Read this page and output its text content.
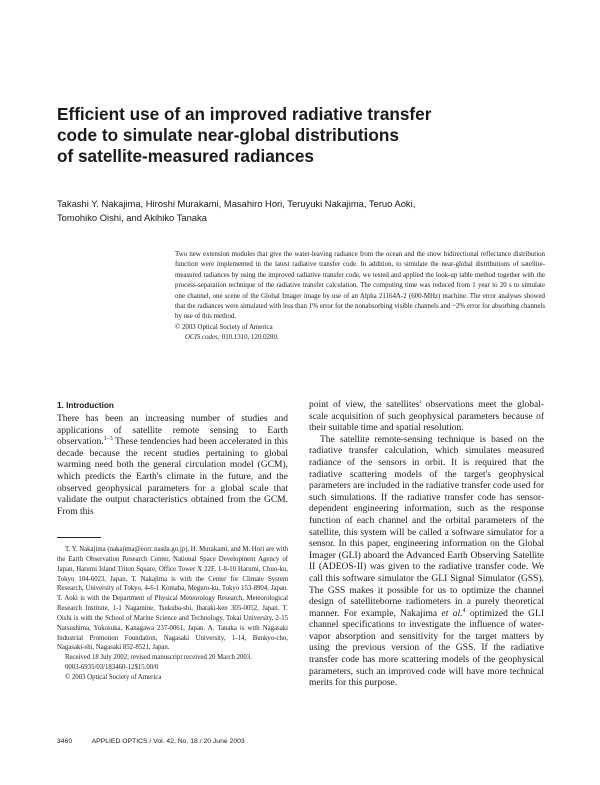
Efficient use of an improved radiative transfer
code to simulate near-global distributions
of satellite-measured radiances
Takashi Y. Nakajima, Hiroshi Murakami, Masahiro Hori, Teruyuki Nakajima, Teruo Aoki,
Tomohiko Oishi, and Akihiko Tanaka

Two new extension modules that give the water-leaving radiance from the ocean and the snow bidirectional reflectance distribution function were implemented in the latest radiative transfer code. In addition, to simulate the near-global distributions of satellite-measured radiances by using the improved radiative transfer code, we tested and applied the look-up table method together with the process-separation technique of the radiative transfer calculation. The computing time was reduced from 1 year to 20 s to simulate one channel, one scene of the Global Imager image by use of an Alpha 21164A-2 (600-MHz) machine. The error analyses showed that the radiances were simulated with less than 1% error for the nonabsorbing visible channels and ~2% error for absorbing channels by use of this method.

© 2003 Optical Society of America

OCIS codes: 010.1310, 120.0280.

1. Introduction

There has been an increasing number of studies and applications of satellite remote sensing to Earth observation.$^{1-3}$ These tendencies had been accelerated in this decade because the recent studies pertaining to global warming need both the general circulation model (GCM), which predicts the Earth's climate in the future, and the observed geophysical parameters for a global scale that validate the output characteristics obtained from the GCM. From this

T. Y. Nakajima (nakajima@eorc.nasda.go.jp), H. Murakami, and M. Hori are with the Earth Observation Research Center, National Space Development Agency of Japan, Harumi Island Triton Square, Office Tower X 22F, 1-8-10 Harumi, Chuo-ku, Tokyo 104-6023, Japan. T. Nakajima is with the Center for Climate System Research, University of Tokyo, 4-6-1 Komaba, Meguro-ku, Tokyo 153-8904, Japan. T. Aoki is with the Department of Physical Meteorology Research, Meteorological Research Institute, 1-1 Nagamine, Tsukuba-shi, Ibaraki-ken 305-0052, Japan. T. Oishi is with the School of Marine Science and Technology, Tokai University, 2-15 Natsushima, Yokosuka, Kanagawa 237-0061, Japan. A. Tanaka is with Nagasaki Industrial Promotion Foundation, Nagasaki University, 1-14, Bunkyo-cho, Nagasaki-shi, Nagasaki 852-8521, Japan.

Received 18 July 2002; revised manuscript received 20 March 2003.

0003-6935/03/183460-12$15.00/0

© 2003 Optical Society of America

point of view, the satellites' observations meet the global-scale acquisition of such geophysical parameters because of their suitable time and spatial resolution.

The satellite remote-sensing technique is based on the radiative transfer calculation, which simulates measured radiance of the sensors in orbit. It is required that the radiative scattering models of the target's geophysical parameters are included in the radiative transfer code used for such simulations. If the radiative transfer code has sensor-dependent engineering information, such as the response function of each channel and the orbital parameters of the satellite, this system will be called a software simulator for a sensor. In this paper, engineering information on the Global Imager (GLI) aboard the Advanced Earth Observing Satellite II (ADEOS-II) was given to the radiative transfer code. We call this software simulator the GLI Signal Simulator (GSS). The GSS makes it possible for us to optimize the channel design of satelliteborne radiometers in a purely theoretical manner. For example, Nakajima et al.$^4$ optimized the GLI channel specifications to investigate the influence of water-vapor absorption and sensitivity for the target matters by using the previous version of the GSS. If the radiative transfer code has more scattering models of the geophysical parameters, such an improved code will have more technical merits for this purpose.

3460	APPLIED OPTICS / Vol. 42, No. 18 / 20 June 2003
